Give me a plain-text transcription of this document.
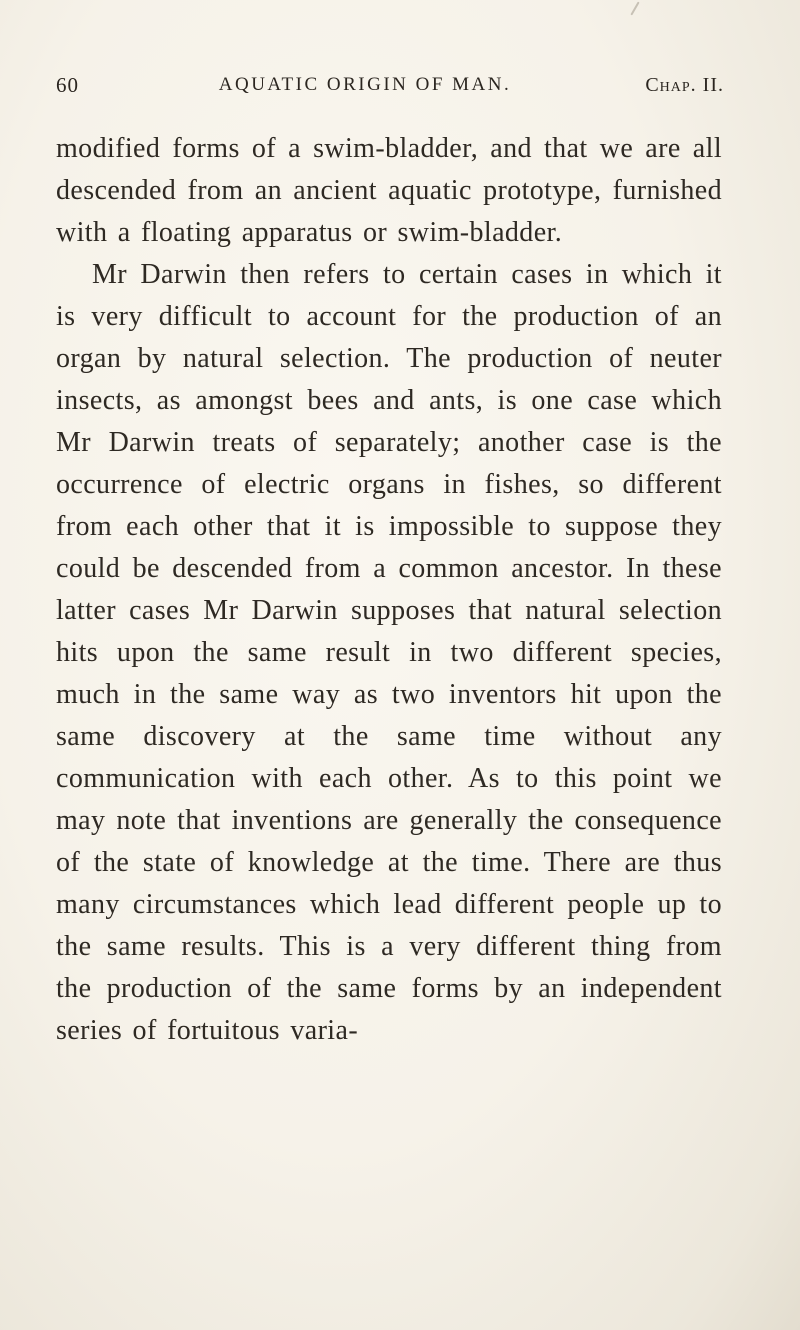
60	AQUATIC ORIGIN OF MAN.	Chap. II.

modified forms of a swim-bladder, and that we are all descended from an ancient aquatic prototype, furnished with a floating apparatus or swim-bladder.

Mr Darwin then refers to certain cases in which it is very difficult to account for the production of an organ by natural selection. The production of neuter insects, as amongst bees and ants, is one case which Mr Darwin treats of separately; another case is the occurrence of electric organs in fishes, so different from each other that it is impossible to suppose they could be descended from a common ancestor. In these latter cases Mr Darwin supposes that natural selection hits upon the same result in two different species, much in the same way as two inventors hit upon the same discovery at the same time without any communication with each other. As to this point we may note that inventions are generally the consequence of the state of knowledge at the time. There are thus many circumstances which lead different people up to the same results. This is a very different thing from the production of the same forms by an independent series of fortuitous varia-
